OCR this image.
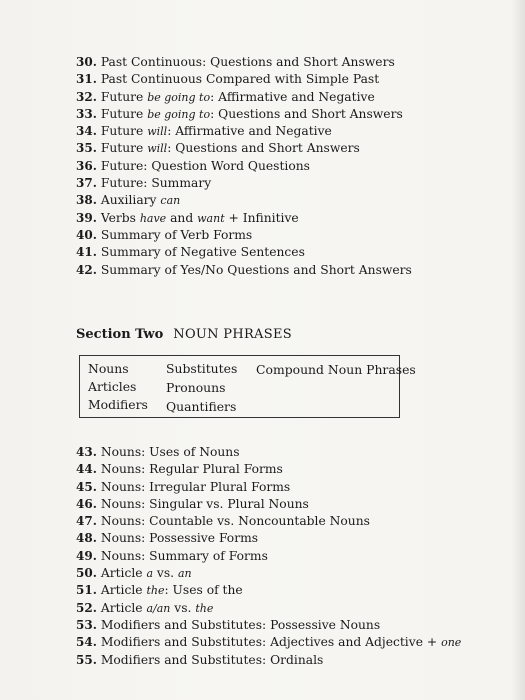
30. Past Continuous: Questions and Short Answers
31. Past Continuous Compared with Simple Past
32. Future be going to: Affirmative and Negative
33. Future be going to: Questions and Short Answers
34. Future will: Affirmative and Negative
35. Future will: Questions and Short Answers
36. Future: Question Word Questions
37. Future: Summary
38. Auxiliary can
39. Verbs have and want + Infinitive
40. Summary of Verb Forms
41. Summary of Negative Sentences
42. Summary of Yes/No Questions and Short Answers
Section Two NOUN PHRASES
Nouns
Articles
Modifiers
Substitutes
Pronouns
Quantifiers
Compound Noun Phrases
43. Nouns: Uses of Nouns
44. Nouns: Regular Plural Forms
45. Nouns: Irregular Plural Forms
46. Nouns: Singular vs. Plural Nouns
47. Nouns: Countable vs. Noncountable Nouns
48. Nouns: Possessive Forms
49. Nouns: Summary of Forms
50. Article a vs. an
51. Article the: Uses of the
52. Article a/an vs. the
53. Modifiers and Substitutes: Possessive Nouns
54. Modifiers and Substitutes: Adjectives and Adjective + one
55. Modifiers and Substitutes: Ordinals
